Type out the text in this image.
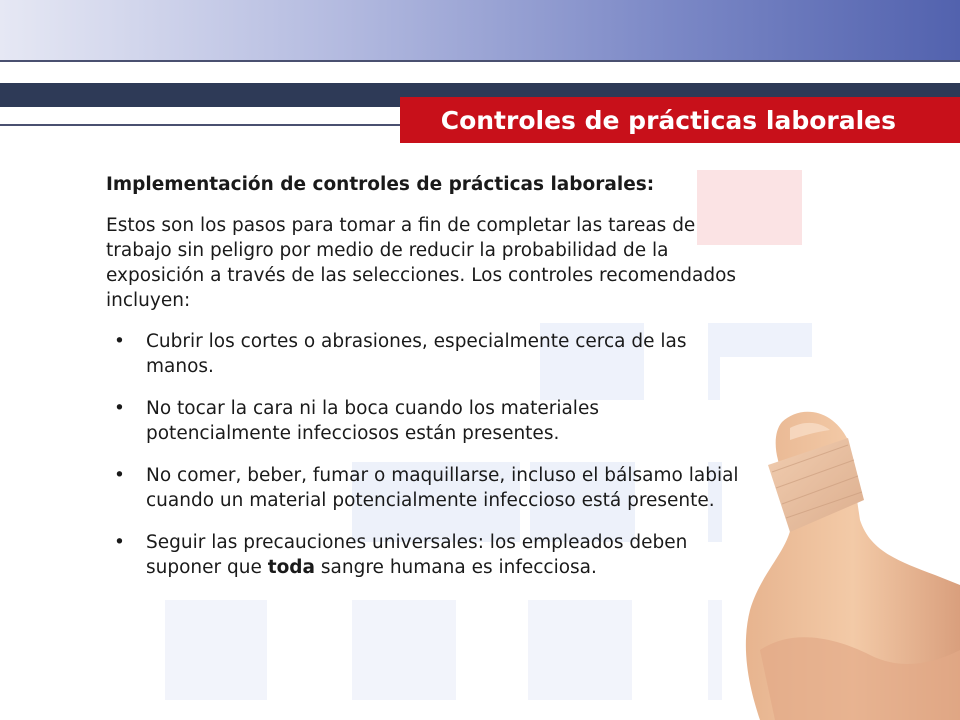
Controles de prácticas laborales

Implementación de controles de prácticas laborales:

Estos son los pasos para tomar a fin de completar las tareas de trabajo sin peligro por medio de reducir la probabilidad de la exposición a través de las selecciones. Los controles recomendados incluyen:

• Cubrir los cortes o abrasiones, especialmente cerca de las manos.
• No tocar la cara ni la boca cuando los materiales potencialmente infecciosos están presentes.
• No comer, beber, fumar o maquillarse, incluso el bálsamo labial cuando un material potencialmente infeccioso está presente.
• Seguir las precauciones universales: los empleados deben suponer que toda sangre humana es infecciosa.
